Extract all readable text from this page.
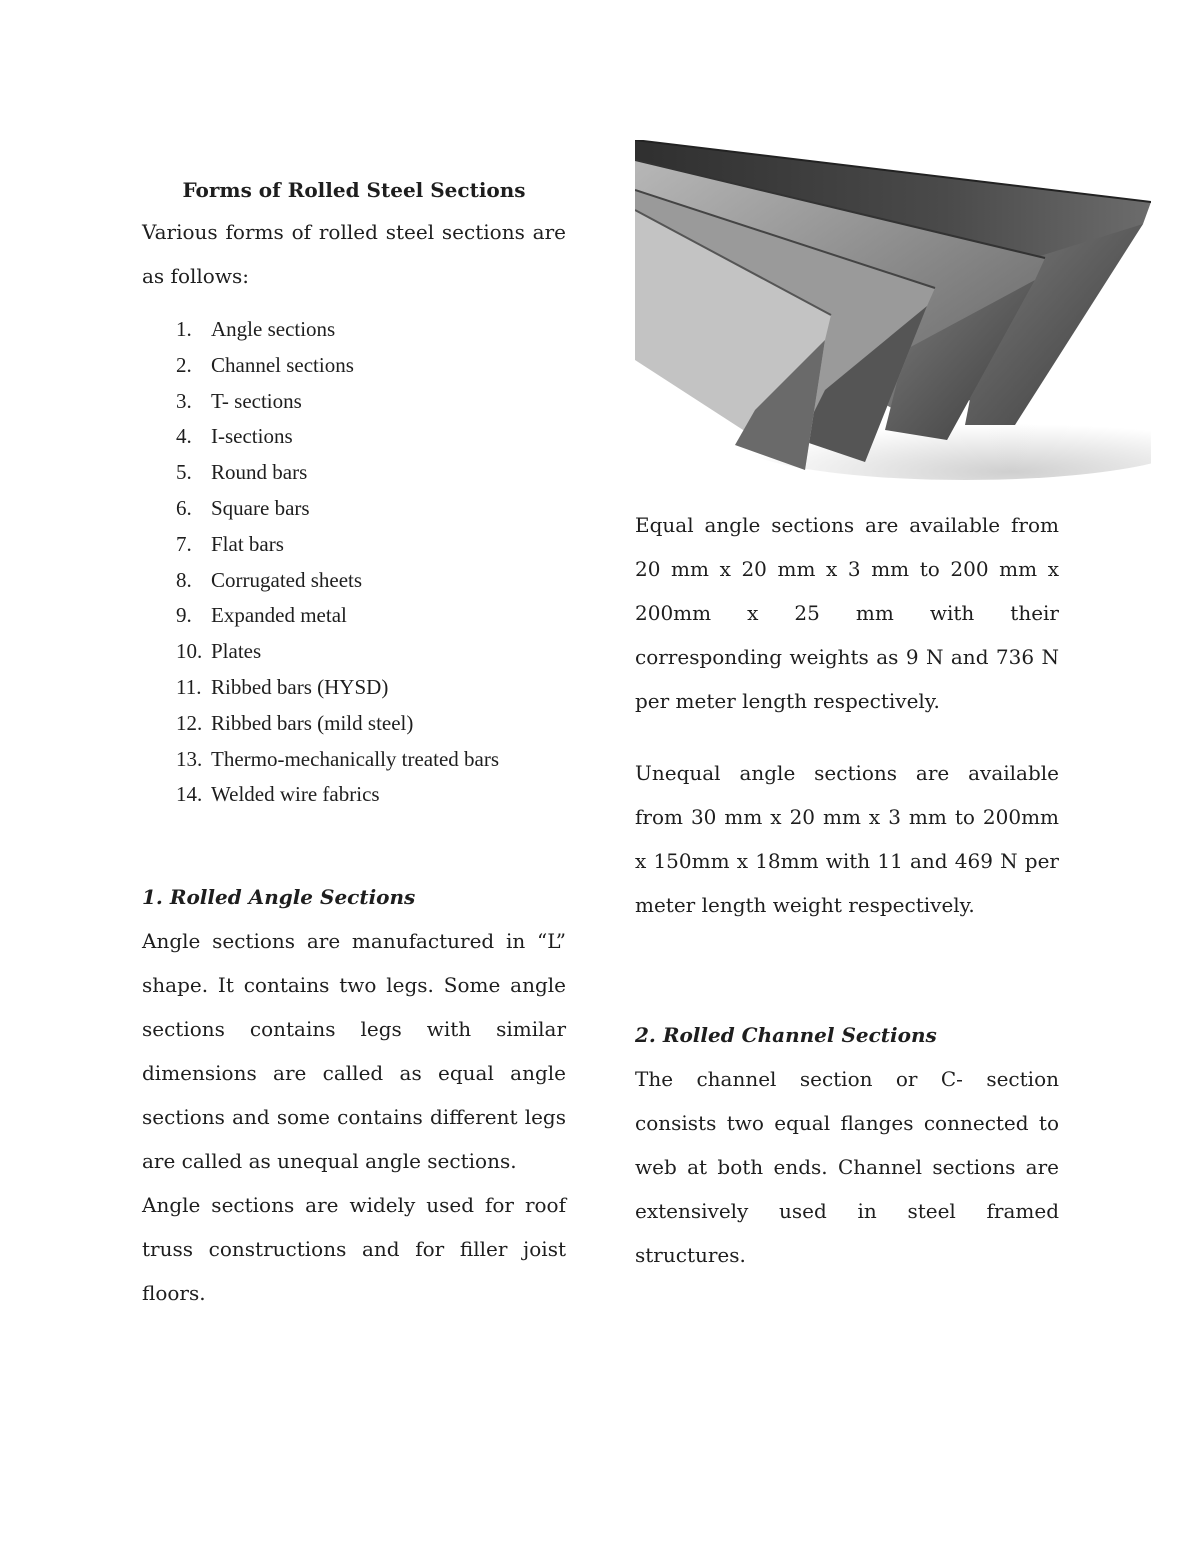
Forms of Rolled Steel Sections

Various forms of rolled steel sections are as follows:

1. Angle sections
2. Channel sections
3. T- sections
4. I-sections
5. Round bars
6. Square bars
7. Flat bars
8. Corrugated sheets
9. Expanded metal
10. Plates
11. Ribbed bars (HYSD)
12. Ribbed bars (mild steel)
13. Thermo-mechanically treated bars
14. Welded wire fabrics

1. Rolled Angle Sections

Angle sections are manufactured in “L” shape. It contains two legs. Some angle sections contains legs with similar dimensions are called as equal angle sections and some contains different legs are called as unequal angle sections.

Angle sections are widely used for roof truss constructions and for filler joist floors.

Equal angle sections are available from 20 mm x 20 mm x 3 mm to 200 mm x 200mm x 25 mm with their corresponding weights as 9 N and 736 N per meter length respectively.

Unequal angle sections are available from 30 mm x 20 mm x 3 mm to 200mm x 150mm x 18mm with 11 and 469 N per meter length weight respectively.

2. Rolled Channel Sections

The channel section or C- section consists two equal flanges connected to web at both ends. Channel sections are extensively used in steel framed structures.
